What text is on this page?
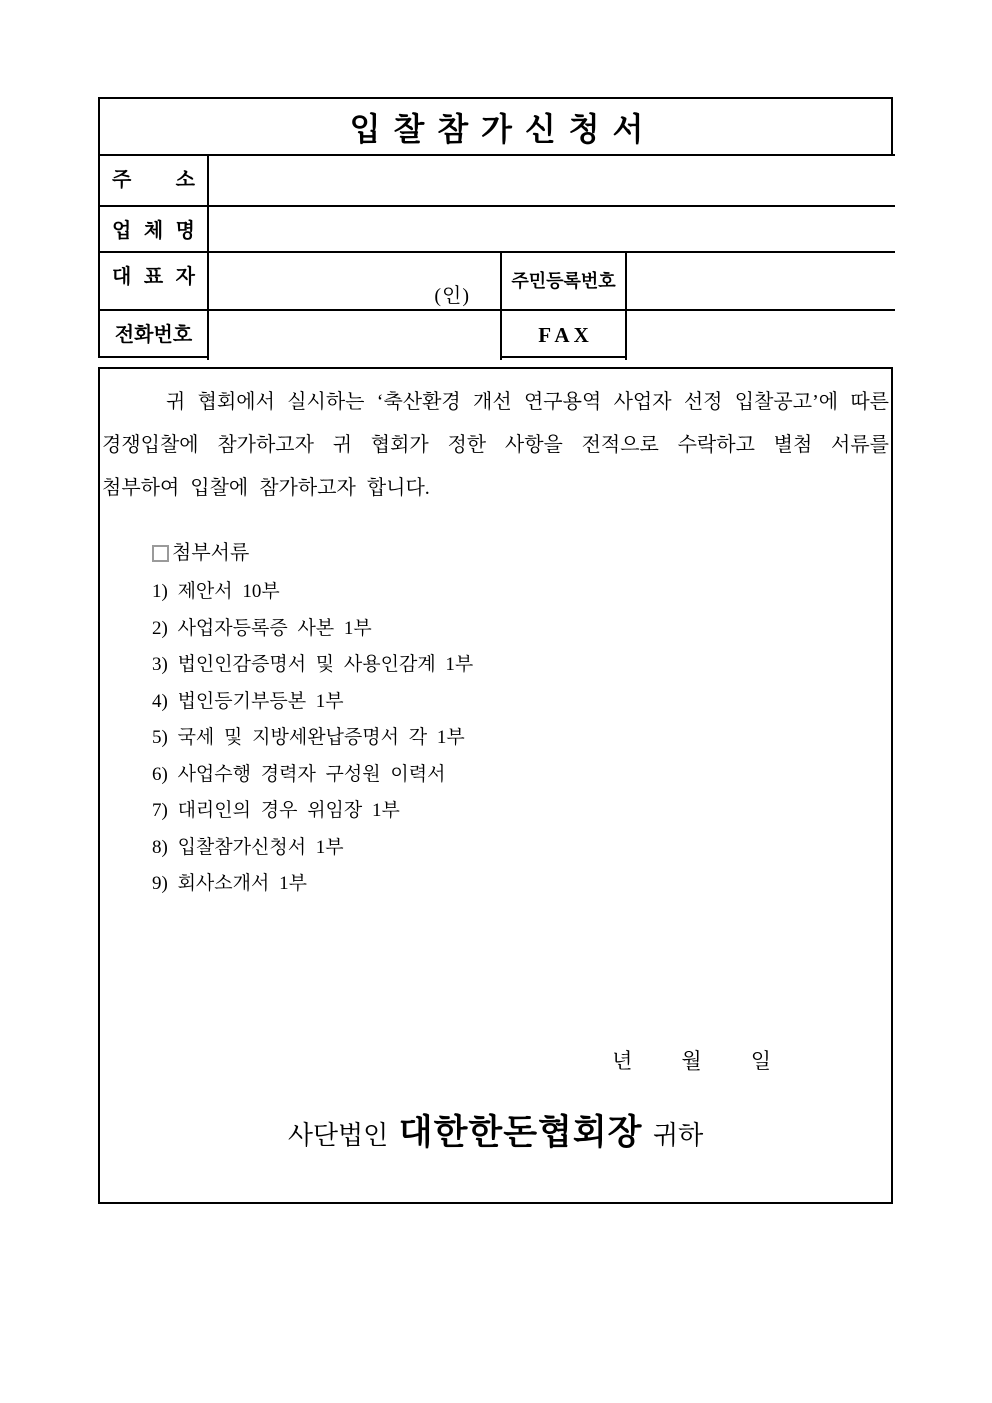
입 찰 참 가 신 청 서
주 소
업 체 명
대 표 자
(인)
주민등록번호
전화번호	F A X
귀 협회에서 실시하는 ‘축산환경 개선 연구용역 사업자 선정 입찰공고’에 따른
경쟁입찰에 참가하고자 귀 협회가 정한 사항을 전적으로 수락하고 별첨 서류를
첨부하여 입찰에 참가하고자 합니다.
첨부서류
1) 제안서 10부
2) 사업자등록증 사본 1부
3) 법인인감증명서 및 사용인감계 1부
4) 법인등기부등본 1부
5) 국세 및 지방세완납증명서 각 1부
6) 사업수행 경력자 구성원 이력서
7) 대리인의 경우 위임장 1부
8) 입찰참가신청서 1부
9) 회사소개서 1부
년 월 일
사단법인 대한한돈협회장 귀하
